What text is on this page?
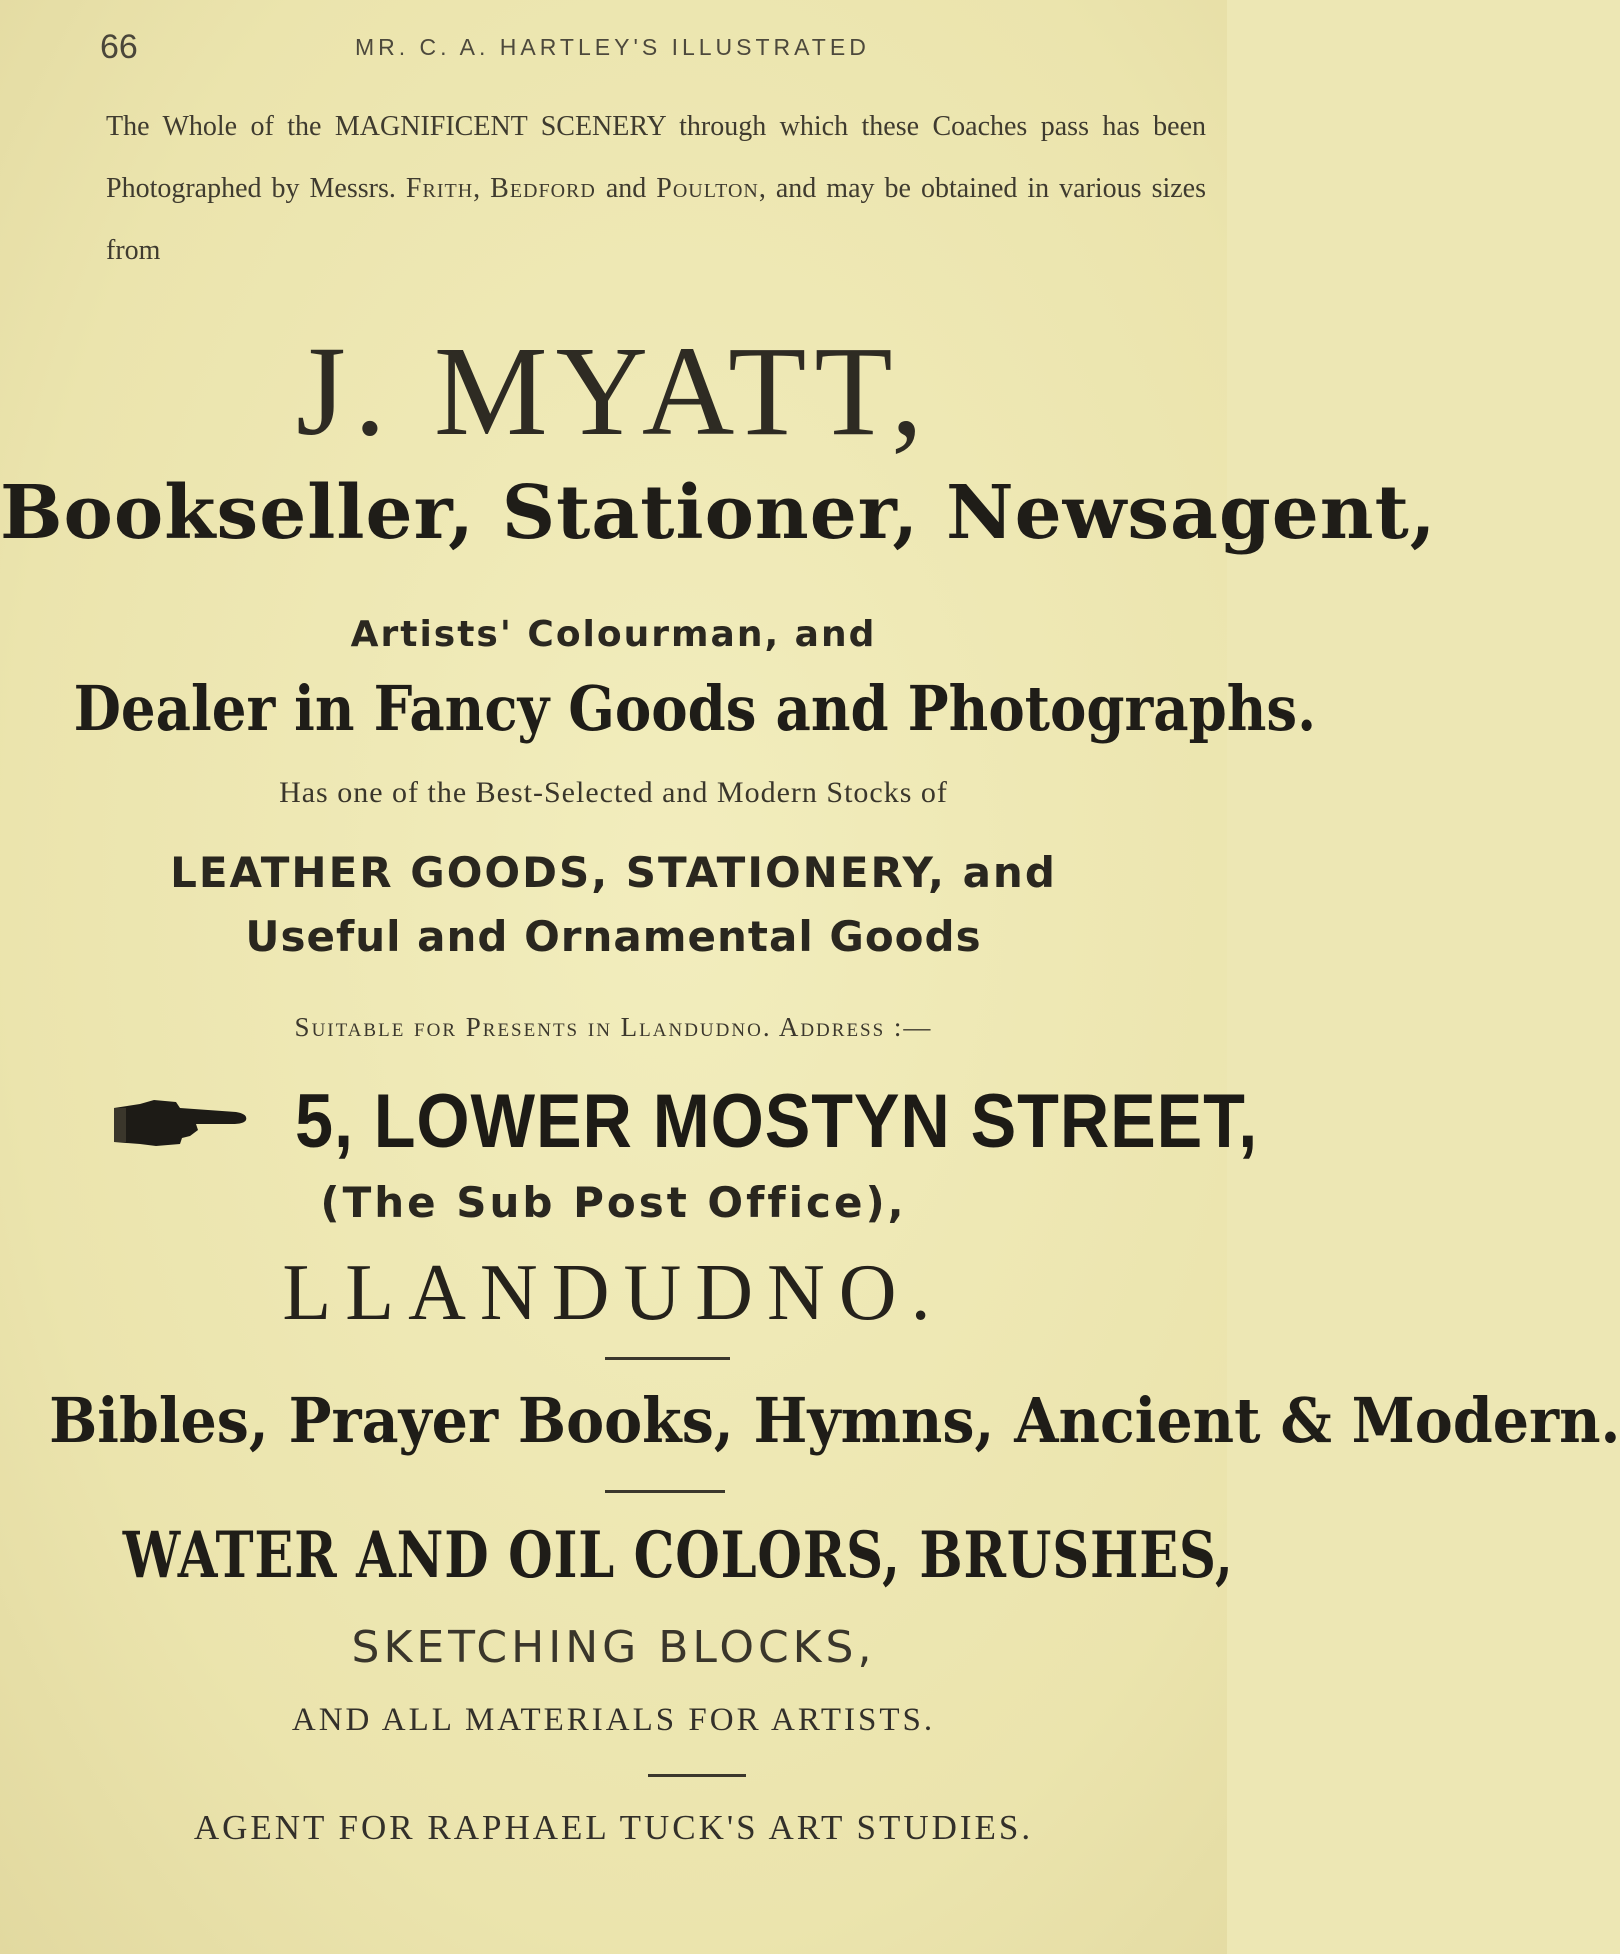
66	MR. C. A. HARTLEY'S ILLUSTRATED
The Whole of the MAGNIFICENT SCENERY through which these Coaches pass has been Photographed by Messrs. Frith, Bedford and Poulton, and may be obtained in various sizes from
J. MYATT,
Bookseller, Stationer, Newsagent,
Artists' Colourman, and
Dealer in Fancy Goods and Photographs.
Has one of the Best-Selected and Modern Stocks of
LEATHER GOODS, STATIONERY, and
Useful and Ornamental Goods
Suitable for Presents in Llandudno. Address :—
5, LOWER MOSTYN STREET,
(The Sub Post Office),
LLANDUDNO.
Bibles, Prayer Books, Hymns, Ancient & Modern.
WATER AND OIL COLORS, BRUSHES,
SKETCHING BLOCKS,
AND ALL MATERIALS FOR ARTISTS.
AGENT FOR RAPHAEL TUCK'S ART STUDIES.
